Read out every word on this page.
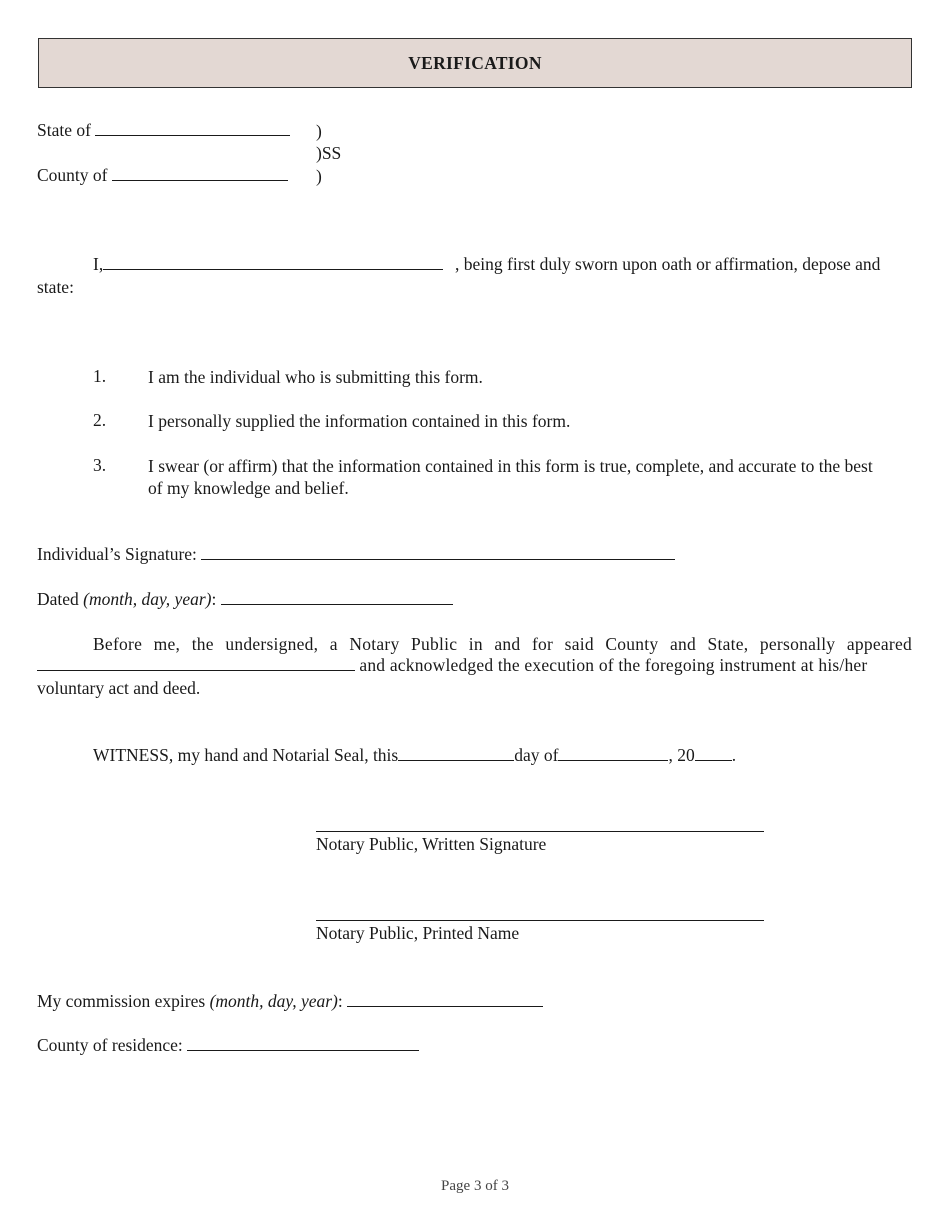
VERIFICATION
State of	)
)SS
County of	)
I,	, being first duly sworn upon oath or affirmation, depose and
state:
1. I am the individual who is submitting this form.
2. I personally supplied the information contained in this form.
3. I swear (or affirm) that the information contained in this form is true, complete, and accurate to the best
of my knowledge and belief.
Individual’s Signature:
Dated (month, day, year):
Before me, the undersigned, a Notary Public in and for said County and State, personally appeared
and acknowledged the execution of the foregoing instrument at his/her
voluntary act and deed.
WITNESS, my hand and Notarial Seal, this	day of	, 20 .
Notary Public, Written Signature
Notary Public, Printed Name
My commission expires (month, day, year):
County of residence:
Page 3 of 3
